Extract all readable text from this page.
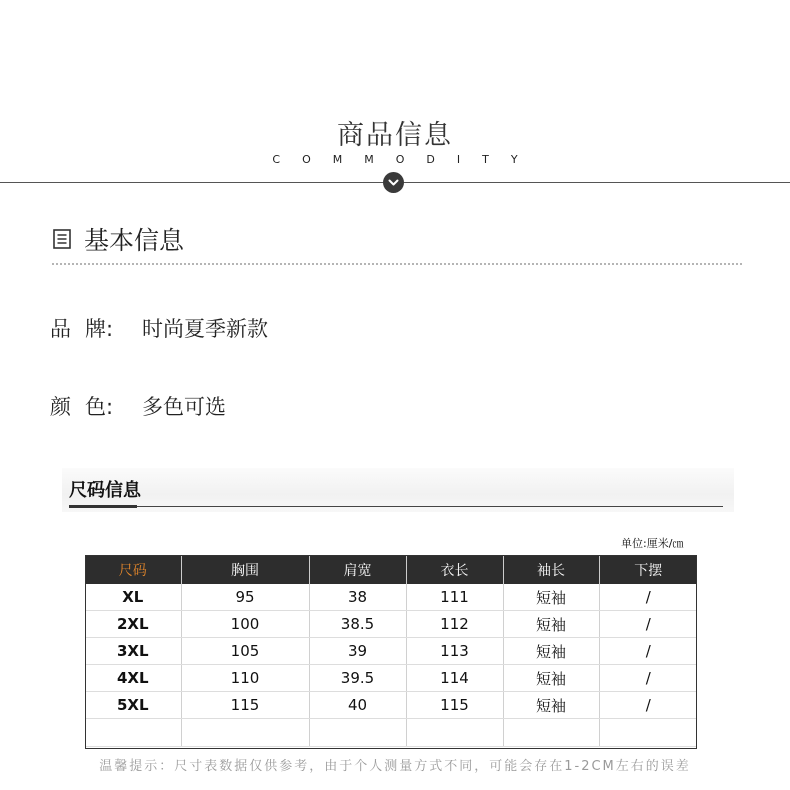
商品信息
COMMODITY
基本信息
品 牌: 时尚夏季新款
颜 色: 多色可选
尺码信息
单位:厘米/㎝
尺码	胸围	肩宽	衣长	袖长	下摆
XL	95	38	111	短袖	/
2XL	100	38.5	112	短袖	/
3XL	105	39	113	短袖	/
4XL	110	39.5	114	短袖	/
5XL	115	40	115	短袖	/

温馨提示：尺寸表数据仅供参考，由于个人测量方式不同，可能会存在1-2CM左右的误差
